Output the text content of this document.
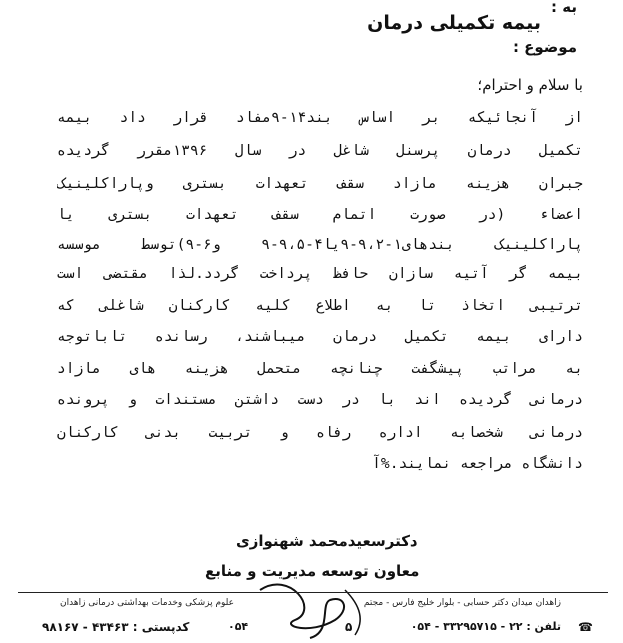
به :
بیمه تکمیلی درمان
موضوع :
با سلام و احترام؛
از آنجائیکه بر اساس بند۱۴-۹مفاد قرار داد بیمه
تکمیل درمان پرسنل شاغل در سال ۱۳۹۶مقرر گردیده
جبران هزینه مازاد سقف تعهدات بستری وپاراکلینیک
اعضاء (در صورت اتمام سقف تعهدات بستری یا
پاراکلینیک بندهای۱-۹،۲-۹یا۴-۹،۵-۹ و۶-۹)توسط موسسه
بیمه گر آتیه سازان حافظ پرداخت گردد.لذا مقتضی است
ترتیبی اتخاذ تا به اطلاع کلیه کارکنان شاغلی که
دارای بیمه تکمیل درمان میباشند، رسانده تاباتوجه
به مراتب پیشگفت چنانچه متحمل هزینه های مازاد
درمانی گردیده اند با در دست داشتن مستندات و پرونده
درمانی شخصابه اداره رفاه و تربیت بدنی کارکنان
دانشگاه مراجعه نمایند.%آ
دکترسعیدمحمد شهنوازی
معاون توسعه مدیریت و منابع
زاهدان میدان دکتر حسابی - بلوار خلیج فارس - مجتم
علوم پزشکی وخدمات بهداشتی درمانی زاهدان
☎
تلفن : ۲۲ - ۳۳۲۹۵۷۱۵ - ۰۵۴
۰۵۴
کدپستی : ۴۳۴۶۳ - ۹۸۱۶۷	۵
